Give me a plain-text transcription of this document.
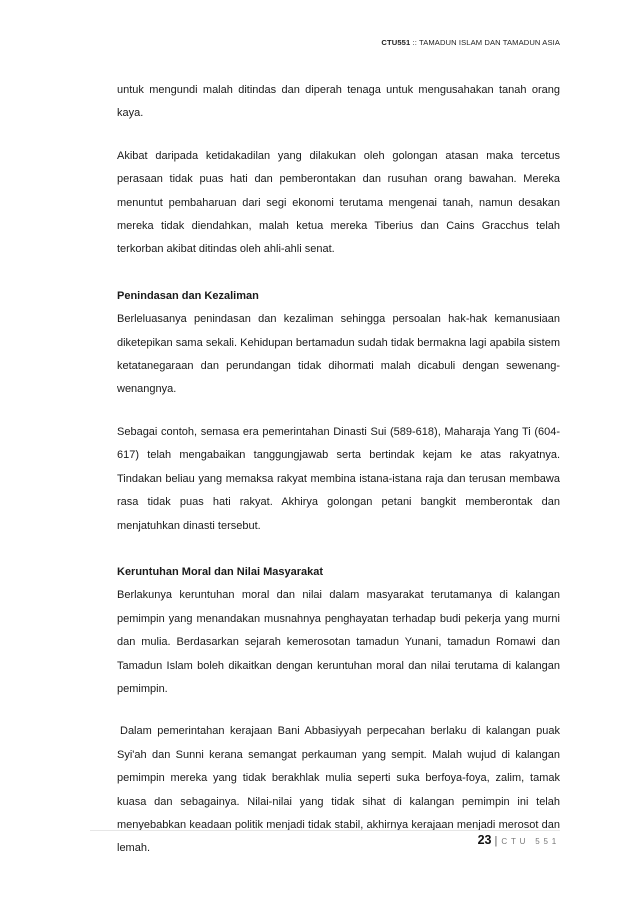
CTU551 :: TAMADUN ISLAM DAN TAMADUN ASIA

untuk mengundi malah ditindas dan diperah tenaga untuk mengusahakan tanah orang kaya.

Akibat daripada ketidakadilan yang dilakukan oleh golongan atasan maka tercetus perasaan tidak puas hati dan pemberontakan dan rusuhan orang bawahan. Mereka menuntut pembaharuan dari segi ekonomi terutama mengenai tanah, namun desakan mereka tidak diendahkan, malah ketua mereka Tiberius dan Cains Gracchus telah terkorban akibat ditindas oleh ahli-ahli senat.

Penindasan dan Kezaliman

Berleluasanya penindasan dan kezaliman sehingga persoalan hak-hak kemanusiaan diketepikan sama sekali. Kehidupan bertamadun sudah tidak bermakna lagi apabila sistem ketatanegaraan dan perundangan tidak dihormati malah dicabuli dengan sewenang-wenangnya.

Sebagai contoh, semasa era pemerintahan Dinasti Sui (589-618), Maharaja Yang Ti (604-617) telah mengabaikan tanggungjawab serta bertindak kejam ke atas rakyatnya. Tindakan beliau yang memaksa rakyat membina istana-istana raja dan terusan membawa rasa tidak puas hati rakyat. Akhirya golongan petani bangkit memberontak dan menjatuhkan dinasti tersebut.

Keruntuhan Moral dan Nilai Masyarakat

Berlakunya keruntuhan moral dan nilai dalam masyarakat terutamanya di kalangan pemimpin yang menandakan musnahnya penghayatan terhadap budi pekerja yang murni dan mulia. Berdasarkan sejarah kemerosotan tamadun Yunani, tamadun Romawi dan Tamadun Islam boleh dikaitkan dengan keruntuhan moral dan nilai terutama di kalangan pemimpin.

Dalam pemerintahan kerajaan Bani Abbasiyyah perpecahan berlaku di kalangan puak Syi'ah dan Sunni kerana semangat perkauman yang sempit. Malah wujud di kalangan pemimpin mereka yang tidak berakhlak mulia seperti suka berfoya-foya, zalim, tamak kuasa dan sebagainya. Nilai-nilai yang tidak sihat di kalangan pemimpin ini telah menyebabkan keadaan politik menjadi tidak stabil, akhirnya kerajaan menjadi merosot dan lemah.

23 | CTU 551
